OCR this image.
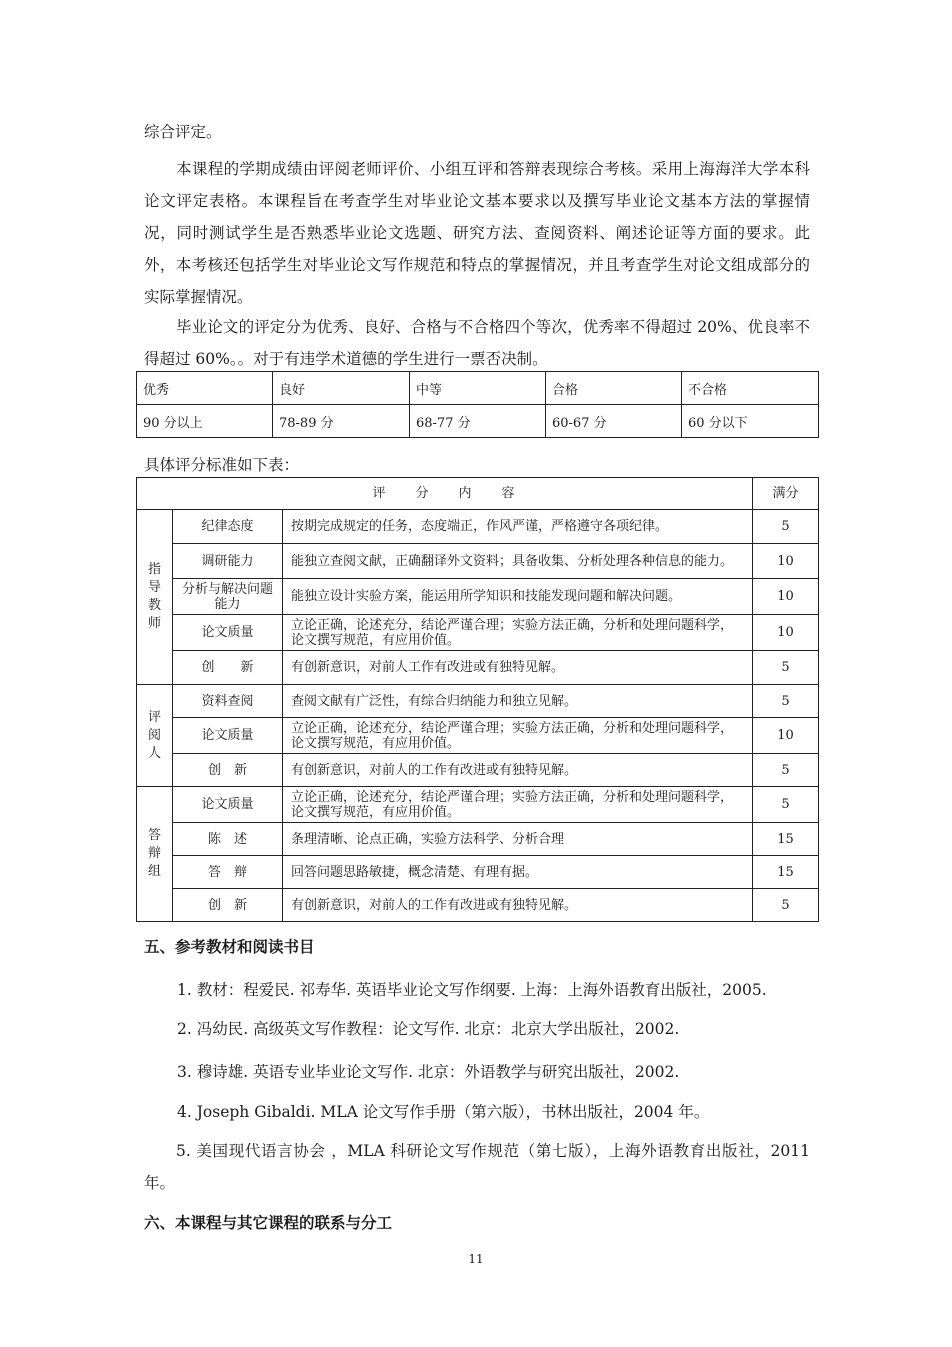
综合评定。

本课程的学期成绩由评阅老师评价、小组互评和答辩表现综合考核。采用上海海洋大学本科论文评定表格。本课程旨在考查学生对毕业论文基本要求以及撰写毕业论文基本方法的掌握情况，同时测试学生是否熟悉毕业论文选题、研究方法、查阅资料、阐述论证等方面的要求。此外，本考核还包括学生对毕业论文写作规范和特点的掌握情况，并且考查学生对论文组成部分的实际掌握情况。

毕业论文的评定分为优秀、良好、合格与不合格四个等次，优秀率不得超过 20%、优良率不得超过 60%。。对于有违学术道德的学生进行一票否决制。

优秀	良好	中等	合格	不合格
90 分以上	78-89 分	68-77 分	60-67 分	60 分以下

具体评分标准如下表：

评 分 内 容			满分
指导教师	纪律态度	按期完成规定的任务，态度端正，作风严谨，严格遵守各项纪律。	5
	调研能力	能独立查阅文献，正确翻译外文资料；具备收集、分析处理各种信息的能力。	10
	分析与解决问题能力	能独立设计实验方案，能运用所学知识和技能发现问题和解决问题。	10
	论文质量	立论正确，论述充分，结论严谨合理；实验方法正确，分析和处理问题科学，论文撰写规范，有应用价值。	10
	创　　新	有创新意识，对前人工作有改进或有独特见解。	5
评阅人	资料查阅	查阅文献有广泛性，有综合归纳能力和独立见解。	5
	论文质量	立论正确，论述充分，结论严谨合理；实验方法正确，分析和处理问题科学，论文撰写规范，有应用价值。	10
	创　新	有创新意识，对前人的工作有改进或有独特见解。	5
答辩组	论文质量	立论正确，论述充分，结论严谨合理；实验方法正确，分析和处理问题科学，论文撰写规范，有应用价值。	5
	陈　述	条理清晰、论点正确，实验方法科学、分析合理	15
	答　辩	回答问题思路敏捷，概念清楚、有理有据。	15
	创　新	有创新意识，对前人的工作有改进或有独特见解。	5

五、参考教材和阅读书目

1. 教材：程爱民. 祁寿华. 英语毕业论文写作纲要. 上海：上海外语教育出版社，2005.

2. 冯幼民. 高级英文写作教程：论文写作. 北京：北京大学出版社，2002.

3. 穆诗雄. 英语专业毕业论文写作. 北京：外语教学与研究出版社，2002.

4. Joseph Gibaldi. MLA 论文写作手册（第六版），书林出版社，2004 年。

5. 美国现代语言协会 ，MLA 科研论文写作规范（第七版），上海外语教育出版社，2011 年。

六、本课程与其它课程的联系与分工

11
